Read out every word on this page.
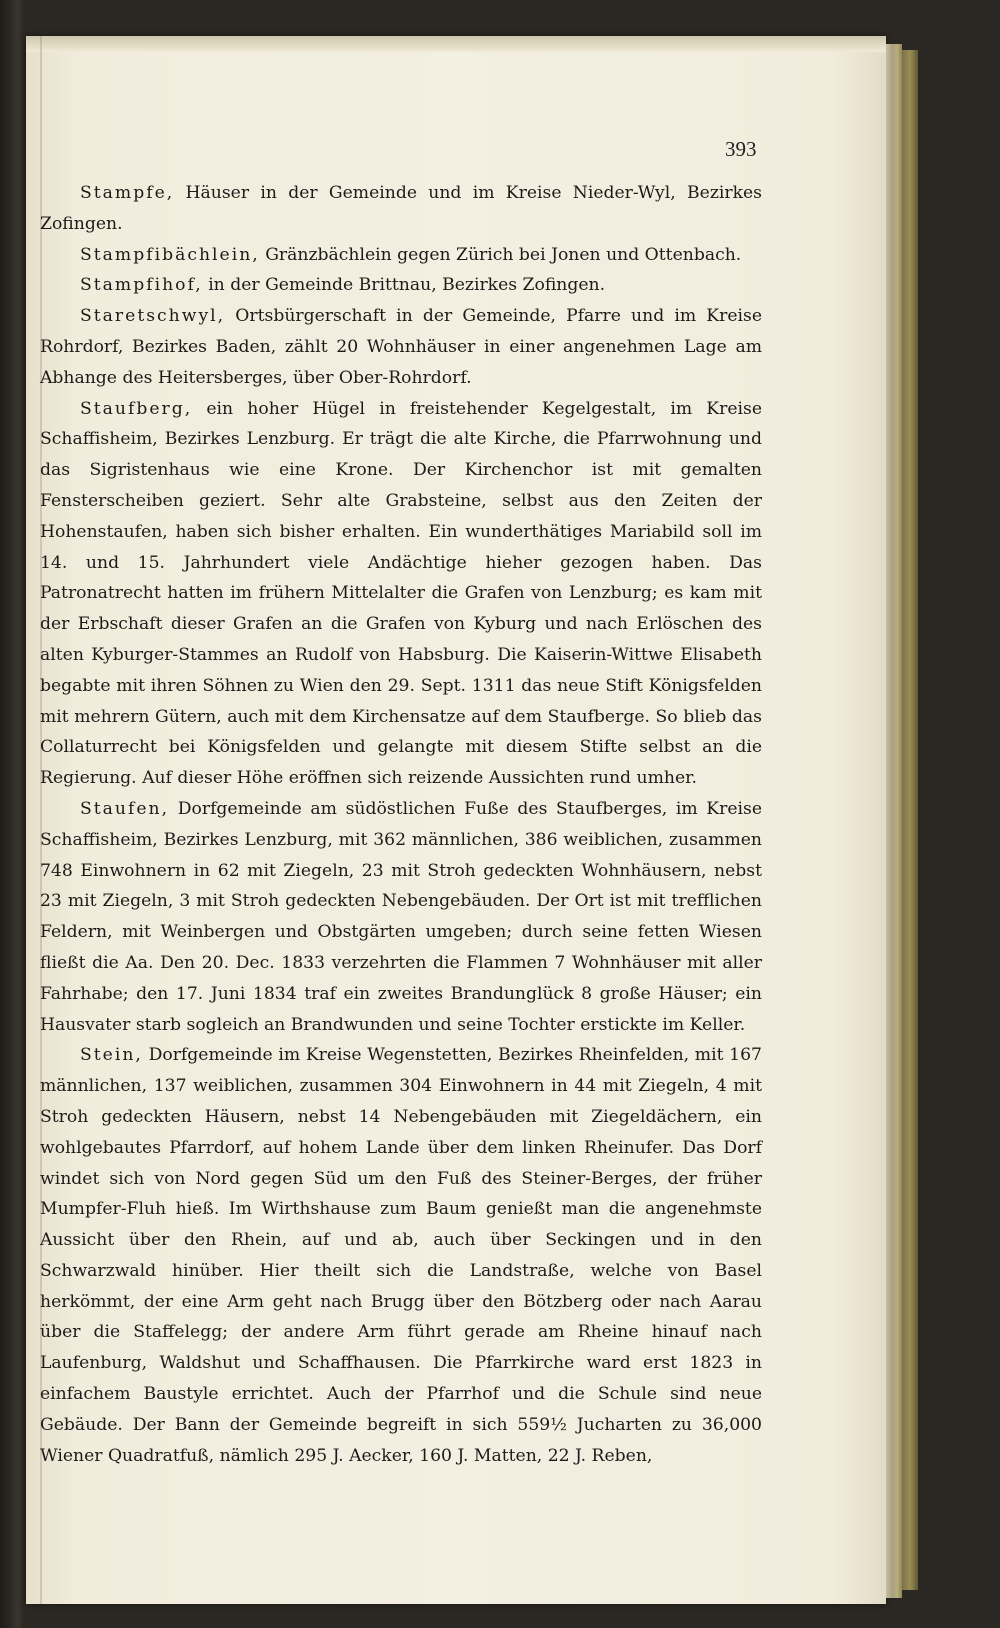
393

Stampfe, Häuser in der Gemeinde und im Kreise Nieder-Wyl, Bezirkes Zofingen.

Stampfibächlein, Gränzbächlein gegen Zürich bei Jonen und Ottenbach.

Stampfihof, in der Gemeinde Brittnau, Bezirkes Zofingen.

Staretschwyl, Ortsbürgerschaft in der Gemeinde, Pfarre und im Kreise Rohrdorf, Bezirkes Baden, zählt 20 Wohnhäuser in einer angenehmen Lage am Abhange des Heitersberges, über Ober-Rohrdorf.

Staufberg, ein hoher Hügel in freistehender Kegelgestalt, im Kreise Schaffisheim, Bezirkes Lenzburg. Er trägt die alte Kirche, die Pfarrwohnung und das Sigristenhaus wie eine Krone. Der Kirchenchor ist mit gemalten Fensterscheiben geziert. Sehr alte Grabsteine, selbst aus den Zeiten der Hohenstaufen, haben sich bisher erhalten. Ein wunderthätiges Mariabild soll im 14. und 15. Jahrhundert viele Andächtige hieher gezogen haben. Das Patronatrecht hatten im frühern Mittelalter die Grafen von Lenzburg; es kam mit der Erbschaft dieser Grafen an die Grafen von Kyburg und nach Erlöschen des alten Kyburger-Stammes an Rudolf von Habsburg. Die Kaiserin-Wittwe Elisabeth begabte mit ihren Söhnen zu Wien den 29. Sept. 1311 das neue Stift Königsfelden mit mehrern Gütern, auch mit dem Kirchensatze auf dem Staufberge. So blieb das Collaturrecht bei Königsfelden und gelangte mit diesem Stifte selbst an die Regierung. Auf dieser Höhe eröffnen sich reizende Aussichten rund umher.

Staufen, Dorfgemeinde am südöstlichen Fuße des Staufberges, im Kreise Schaffisheim, Bezirkes Lenzburg, mit 362 männlichen, 386 weiblichen, zusammen 748 Einwohnern in 62 mit Ziegeln, 23 mit Stroh gedeckten Wohnhäusern, nebst 23 mit Ziegeln, 3 mit Stroh gedeckten Nebengebäuden. Der Ort ist mit trefflichen Feldern, mit Weinbergen und Obstgärten umgeben; durch seine fetten Wiesen fließt die Aa. Den 20. Dec. 1833 verzehrten die Flammen 7 Wohnhäuser mit aller Fahrhabe; den 17. Juni 1834 traf ein zweites Brandunglück 8 große Häuser; ein Hausvater starb sogleich an Brandwunden und seine Tochter erstickte im Keller.

Stein, Dorfgemeinde im Kreise Wegenstetten, Bezirkes Rheinfelden, mit 167 männlichen, 137 weiblichen, zusammen 304 Einwohnern in 44 mit Ziegeln, 4 mit Stroh gedeckten Häusern, nebst 14 Nebengebäuden mit Ziegeldächern, ein wohlgebautes Pfarrdorf, auf hohem Lande über dem linken Rheinufer. Das Dorf windet sich von Nord gegen Süd um den Fuß des Steiner-Berges, der früher Mumpfer-Fluh hieß. Im Wirthshause zum Baum genießt man die angenehmste Aussicht über den Rhein, auf und ab, auch über Seckingen und in den Schwarzwald hinüber. Hier theilt sich die Landstraße, welche von Basel herkömmt, der eine Arm geht nach Brugg über den Bötzberg oder nach Aarau über die Staffelegg; der andere Arm führt gerade am Rheine hinauf nach Laufenburg, Waldshut und Schaffhausen. Die Pfarrkirche ward erst 1823 in einfachem Baustyle errichtet. Auch der Pfarrhof und die Schule sind neue Gebäude. Der Bann der Gemeinde begreift in sich 559½ Jucharten zu 36,000 Wiener Quadratfuß, nämlich 295 J. Aecker, 160 J. Matten, 22 J. Reben,
